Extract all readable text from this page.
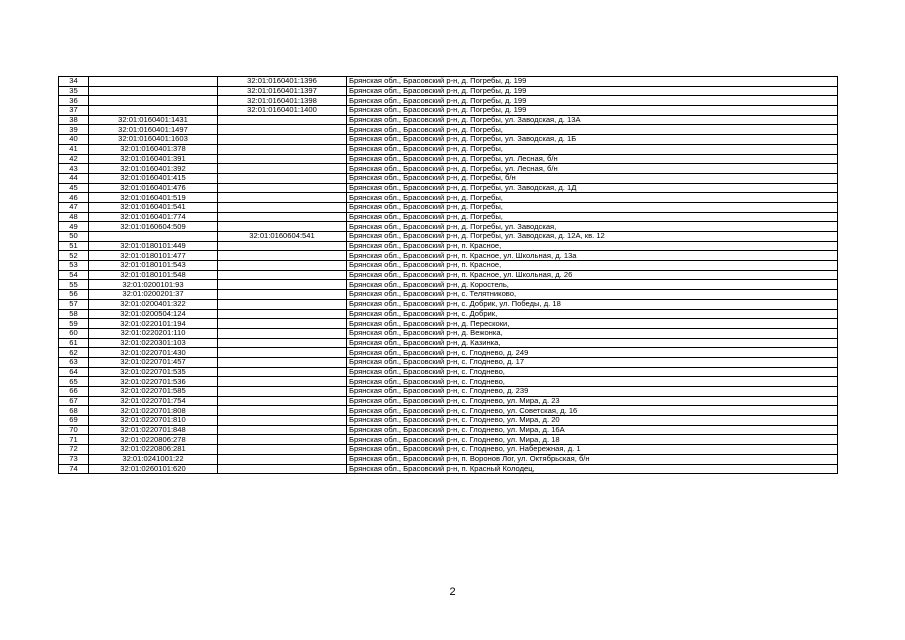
34		32:01:0160401:1396	Брянская обл., Брасовский р-н, д. Погребы, д. 199
35		32:01:0160401:1397	Брянская обл., Брасовский р-н, д. Погребы, д. 199
36		32:01:0160401:1398	Брянская обл., Брасовский р-н, д. Погребы, д. 199
37		32:01:0160401:1400	Брянская обл., Брасовский р-н, д. Погребы, д. 199
38	32:01:0160401:1431		Брянская обл., Брасовский р-н, д. Погребы, ул. Заводская, д. 13А
39	32:01:0160401:1497		Брянская обл., Брасовский р-н, д. Погребы,
40	32:01:0160401:1603		Брянская обл., Брасовский р-н, д. Погребы, ул. Заводская, д. 1Б
41	32:01:0160401:378		Брянская обл., Брасовский р-н, д. Погребы,
42	32:01:0160401:391		Брянская обл., Брасовский р-н, д. Погребы, ул. Лесная, б/н
43	32:01:0160401:392		Брянская обл., Брасовский р-н, д. Погребы, ул. Лесная, б/н
44	32:01:0160401:415		Брянская обл., Брасовский р-н, д. Погребы, б/н
45	32:01:0160401:476		Брянская обл., Брасовский р-н, д. Погребы, ул. Заводская, д. 1Д
46	32:01:0160401:519		Брянская обл., Брасовский р-н, д. Погребы,
47	32:01:0160401:541		Брянская обл., Брасовский р-н, д. Погребы,
48	32:01:0160401:774		Брянская обл., Брасовский р-н, д. Погребы,
49	32:01:0160604:509		Брянская обл., Брасовский р-н, д. Погребы, ул. Заводская,
50		32:01:0160604:541	Брянская обл., Брасовский р-н, д. Погребы, ул. Заводская, д. 12А, кв. 12
51	32:01:0180101:449		Брянская обл., Брасовский р-н, п. Красное,
52	32:01:0180101:477		Брянская обл., Брасовский р-н, п. Красное, ул. Школьная, д. 13а
53	32:01:0180101:543		Брянская обл., Брасовский р-н, п. Красное,
54	32:01:0180101:548		Брянская обл., Брасовский р-н, п. Красное, ул. Школьная, д. 26
55	32:01:0200101:93		Брянская обл., Брасовский р-н, д. Коростель,
56	32:01:0200201:37		Брянская обл., Брасовский р-н, с. Телятниково,
57	32:01:0200401:322		Брянская обл., Брасовский р-н, с. Добрик, ул. Победы, д. 18
58	32:01:0200504:124		Брянская обл., Брасовский р-н, с. Добрик,
59	32:01:0220101:194		Брянская обл., Брасовский р-н, д. Перескоки,
60	32:01:0220201:110		Брянская обл., Брасовский р-н, д. Вежонка,
61	32:01:0220301:103		Брянская обл., Брасовский р-н, д. Казинка,
62	32:01:0220701:430		Брянская обл., Брасовский р-н, с. Глоднево, д. 249
63	32:01:0220701:457		Брянская обл., Брасовский р-н, с. Глоднево, д. 17
64	32:01:0220701:535		Брянская обл., Брасовский р-н, с. Глоднево,
65	32:01:0220701:536		Брянская обл., Брасовский р-н, с. Глоднево,
66	32:01:0220701:585		Брянская обл., Брасовский р-н, с. Глоднево, д. 239
67	32:01:0220701:754		Брянская обл., Брасовский р-н, с. Глоднево, ул. Мира, д. 23
68	32:01:0220701:808		Брянская обл., Брасовский р-н, с. Глоднево, ул. Советская, д. 16
69	32:01:0220701:810		Брянская обл., Брасовский р-н, с. Глоднево, ул. Мира, д. 20
70	32:01:0220701:848		Брянская обл., Брасовский р-н, с. Глоднево, ул. Мира, д. 16А
71	32:01:0220806:278		Брянская обл., Брасовский р-н, с. Глоднево, ул. Мира, д. 18
72	32:01:0220806:281		Брянская обл., Брасовский р-н, с. Глоднево, ул. Набережная, д. 1
73	32:01:0241001:22		Брянская обл., Брасовский р-н, п. Воронов Лог, ул. Октябрьская, б/н
74	32:01:0260101:620		Брянская обл., Брасовский р-н, п. Красный Колодец,
2
